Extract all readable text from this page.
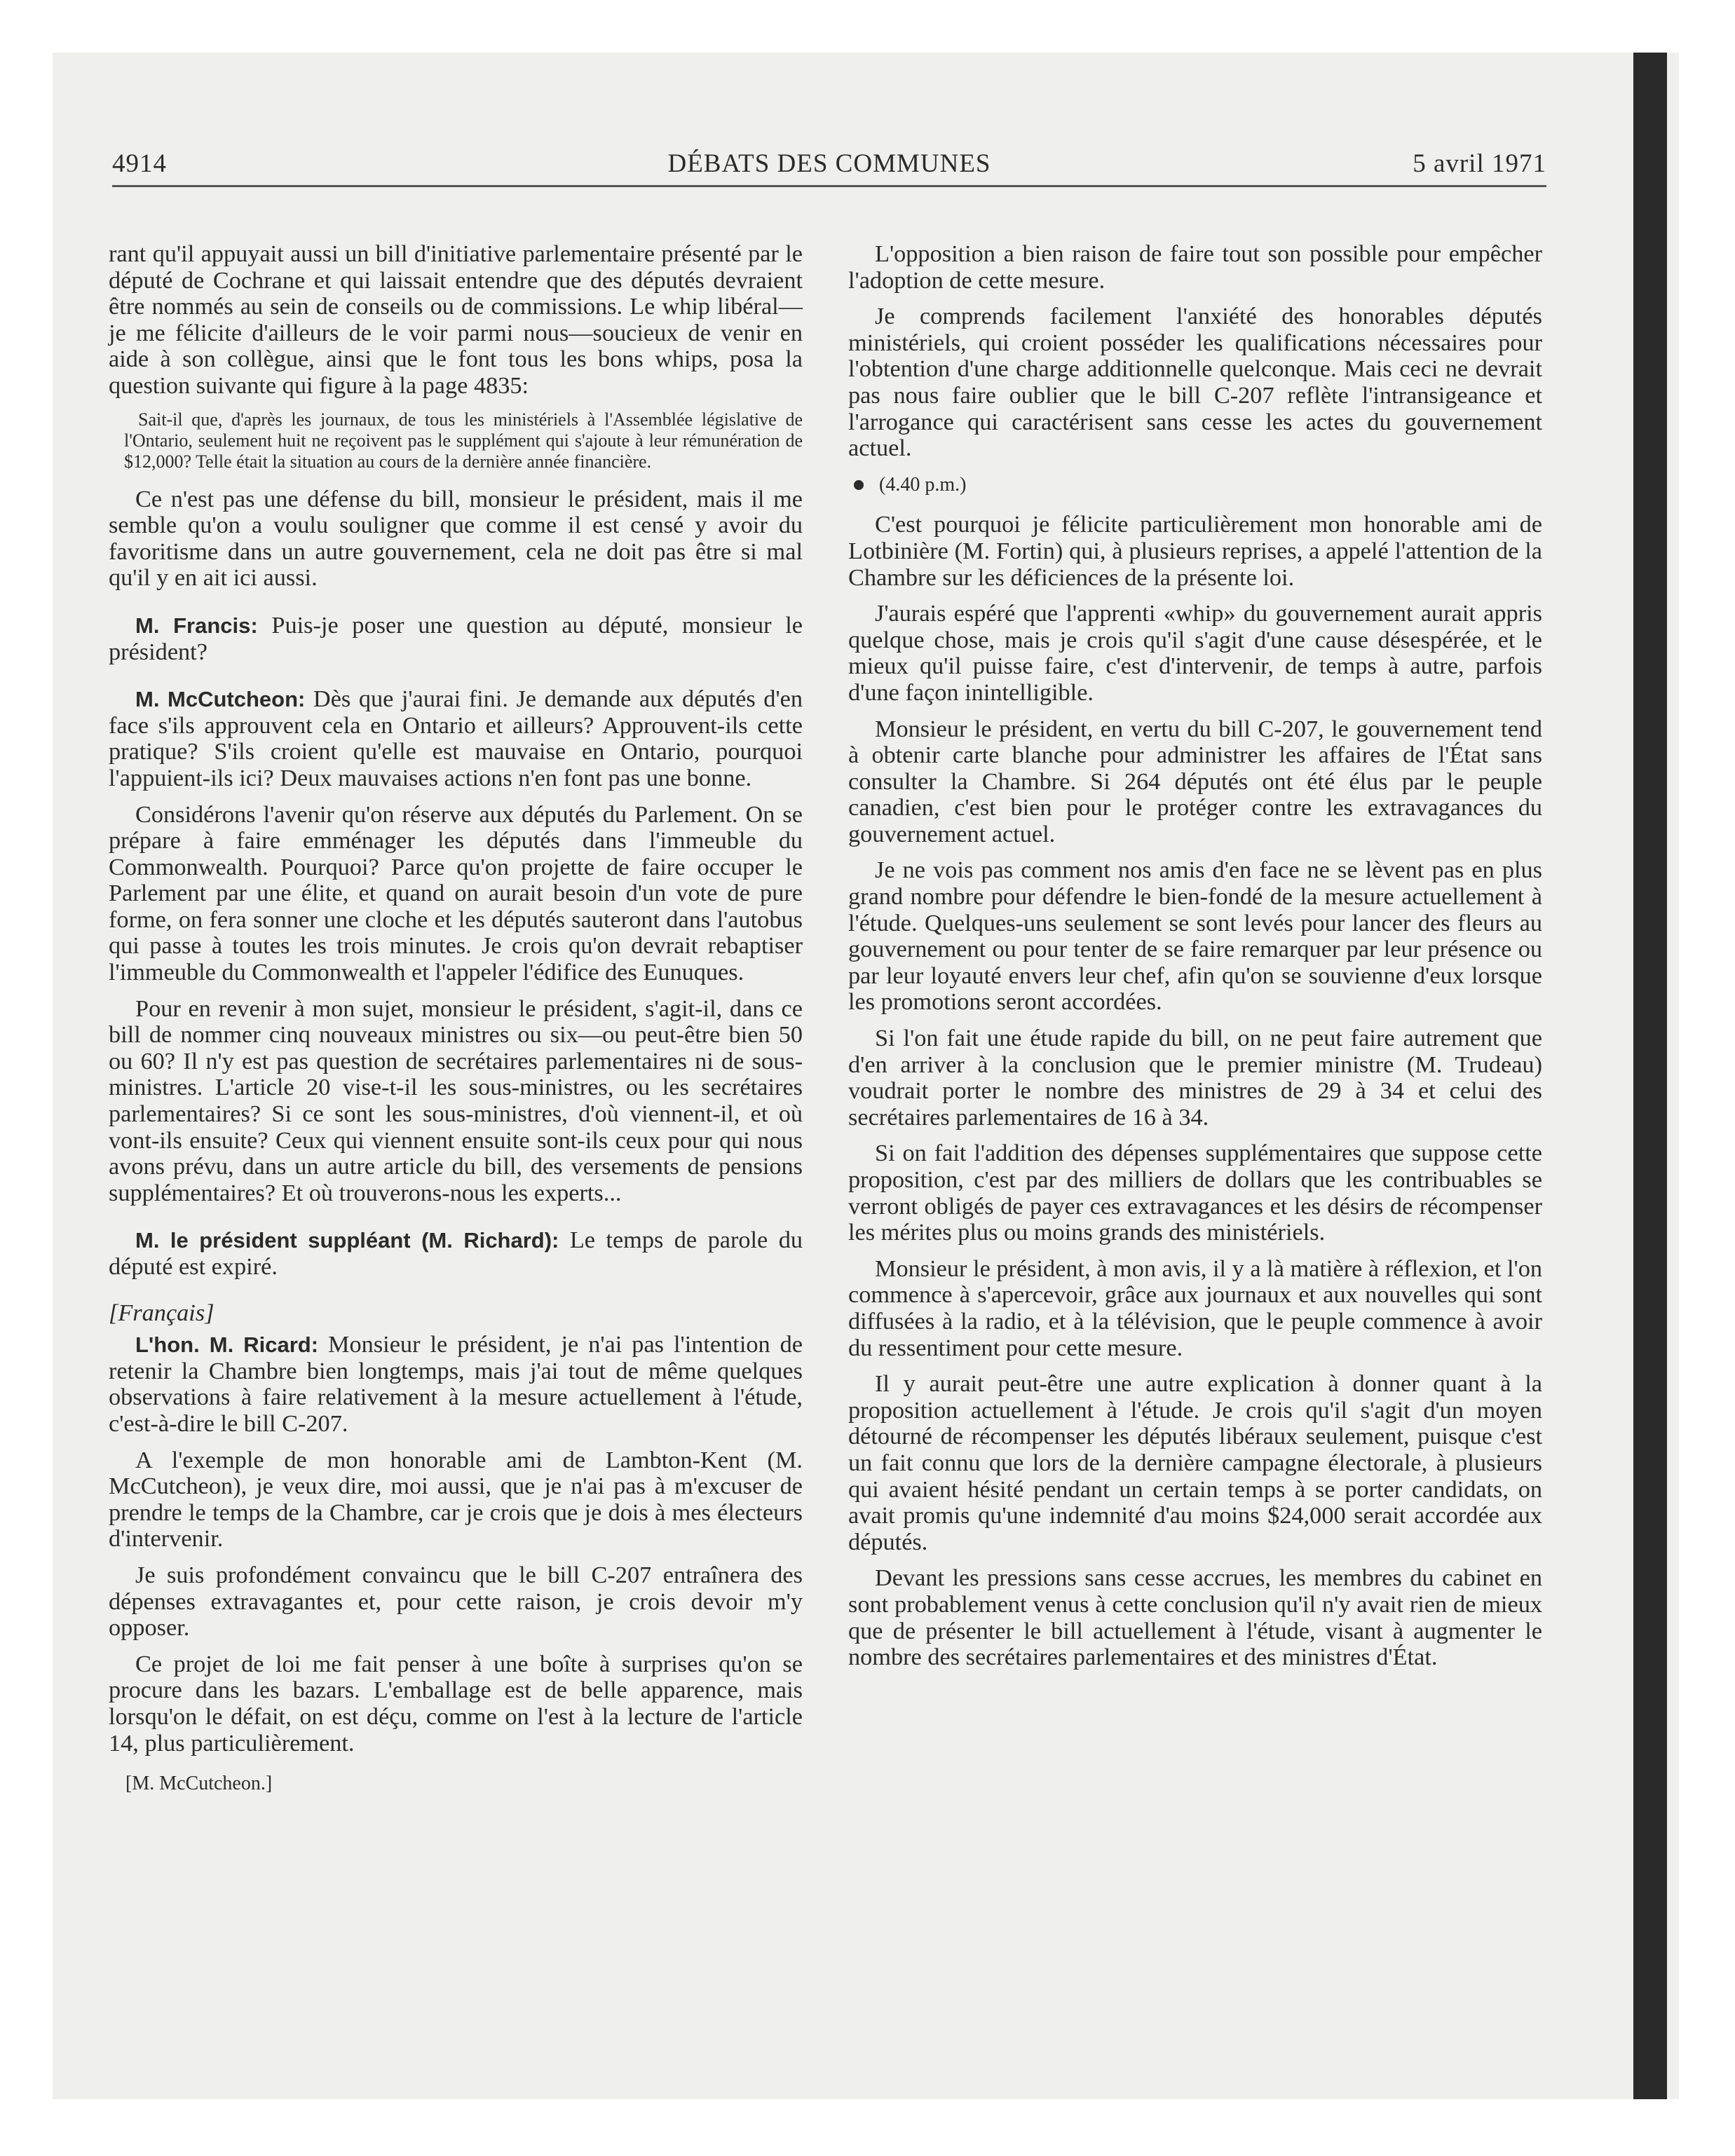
4914	DÉBATS DES COMMUNES	5 avril 1971

rant qu'il appuyait aussi un bill d'initiative parlementaire présenté par le député de Cochrane et qui laissait entendre que des députés devraient être nommés au sein de conseils ou de commissions. Le whip libéral—je me félicite d'ailleurs de le voir parmi nous—soucieux de venir en aide à son collègue, ainsi que le font tous les bons whips, posa la question suivante qui figure à la page 4835:

Sait-il que, d'après les journaux, de tous les ministériels à l'Assemblée législative de l'Ontario, seulement huit ne reçoivent pas le supplément qui s'ajoute à leur rémunération de $12,000? Telle était la situation au cours de la dernière année financière.

Ce n'est pas une défense du bill, monsieur le président, mais il me semble qu'on a voulu souligner que comme il est censé y avoir du favoritisme dans un autre gouvernement, cela ne doit pas être si mal qu'il y en ait ici aussi.

M. Francis: Puis-je poser une question au député, monsieur le président?

M. McCutcheon: Dès que j'aurai fini. Je demande aux députés d'en face s'ils approuvent cela en Ontario et ailleurs? Approuvent-ils cette pratique? S'ils croient qu'elle est mauvaise en Ontario, pourquoi l'appuient-ils ici? Deux mauvaises actions n'en font pas une bonne.

Considérons l'avenir qu'on réserve aux députés du Parlement. On se prépare à faire emménager les députés dans l'immeuble du Commonwealth. Pourquoi? Parce qu'on projette de faire occuper le Parlement par une élite, et quand on aurait besoin d'un vote de pure forme, on fera sonner une cloche et les députés sauteront dans l'autobus qui passe à toutes les trois minutes. Je crois qu'on devrait rebaptiser l'immeuble du Commonwealth et l'appeler l'édifice des Eunuques.

Pour en revenir à mon sujet, monsieur le président, s'agit-il, dans ce bill de nommer cinq nouveaux ministres ou six—ou peut-être bien 50 ou 60? Il n'y est pas question de secrétaires parlementaires ni de sous-ministres. L'article 20 vise-t-il les sous-ministres, ou les secrétaires parlementaires? Si ce sont les sous-ministres, d'où viennent-il, et où vont-ils ensuite? Ceux qui viennent ensuite sont-ils ceux pour qui nous avons prévu, dans un autre article du bill, des versements de pensions supplémentaires? Et où trouverons-nous les experts...

M. le président suppléant (M. Richard): Le temps de parole du député est expiré.

[Français]

L'hon. M. Ricard: Monsieur le président, je n'ai pas l'intention de retenir la Chambre bien longtemps, mais j'ai tout de même quelques observations à faire relativement à la mesure actuellement à l'étude, c'est-à-dire le bill C-207.

A l'exemple de mon honorable ami de Lambton-Kent (M. McCutcheon), je veux dire, moi aussi, que je n'ai pas à m'excuser de prendre le temps de la Chambre, car je crois que je dois à mes électeurs d'intervenir.

Je suis profondément convaincu que le bill C-207 entraînera des dépenses extravagantes et, pour cette raison, je crois devoir m'y opposer.

Ce projet de loi me fait penser à une boîte à surprises qu'on se procure dans les bazars. L'emballage est de belle apparence, mais lorsqu'on le défait, on est déçu, comme on l'est à la lecture de l'article 14, plus particulièrement.

[M. McCutcheon.]

L'opposition a bien raison de faire tout son possible pour empêcher l'adoption de cette mesure.

Je comprends facilement l'anxiété des honorables députés ministériels, qui croient posséder les qualifications nécessaires pour l'obtention d'une charge additionnelle quelconque. Mais ceci ne devrait pas nous faire oublier que le bill C-207 reflète l'intransigeance et l'arrogance qui caractérisent sans cesse les actes du gouvernement actuel.

(4.40 p.m.)

C'est pourquoi je félicite particulièrement mon honorable ami de Lotbinière (M. Fortin) qui, à plusieurs reprises, a appelé l'attention de la Chambre sur les déficiences de la présente loi.

J'aurais espéré que l'apprenti «whip» du gouvernement aurait appris quelque chose, mais je crois qu'il s'agit d'une cause désespérée, et le mieux qu'il puisse faire, c'est d'intervenir, de temps à autre, parfois d'une façon inintelligible.

Monsieur le président, en vertu du bill C-207, le gouvernement tend à obtenir carte blanche pour administrer les affaires de l'État sans consulter la Chambre. Si 264 députés ont été élus par le peuple canadien, c'est bien pour le protéger contre les extravagances du gouvernement actuel.

Je ne vois pas comment nos amis d'en face ne se lèvent pas en plus grand nombre pour défendre le bien-fondé de la mesure actuellement à l'étude. Quelques-uns seulement se sont levés pour lancer des fleurs au gouvernement ou pour tenter de se faire remarquer par leur présence ou par leur loyauté envers leur chef, afin qu'on se souvienne d'eux lorsque les promotions seront accordées.

Si l'on fait une étude rapide du bill, on ne peut faire autrement que d'en arriver à la conclusion que le premier ministre (M. Trudeau) voudrait porter le nombre des ministres de 29 à 34 et celui des secrétaires parlementaires de 16 à 34.

Si on fait l'addition des dépenses supplémentaires que suppose cette proposition, c'est par des milliers de dollars que les contribuables se verront obligés de payer ces extravagances et les désirs de récompenser les mérites plus ou moins grands des ministériels.

Monsieur le président, à mon avis, il y a là matière à réflexion, et l'on commence à s'apercevoir, grâce aux journaux et aux nouvelles qui sont diffusées à la radio, et à la télévision, que le peuple commence à avoir du ressentiment pour cette mesure.

Il y aurait peut-être une autre explication à donner quant à la proposition actuellement à l'étude. Je crois qu'il s'agit d'un moyen détourné de récompenser les députés libéraux seulement, puisque c'est un fait connu que lors de la dernière campagne électorale, à plusieurs qui avaient hésité pendant un certain temps à se porter candidats, on avait promis qu'une indemnité d'au moins $24,000 serait accordée aux députés.

Devant les pressions sans cesse accrues, les membres du cabinet en sont probablement venus à cette conclusion qu'il n'y avait rien de mieux que de présenter le bill actuellement à l'étude, visant à augmenter le nombre des secrétaires parlementaires et des ministres d'État.
